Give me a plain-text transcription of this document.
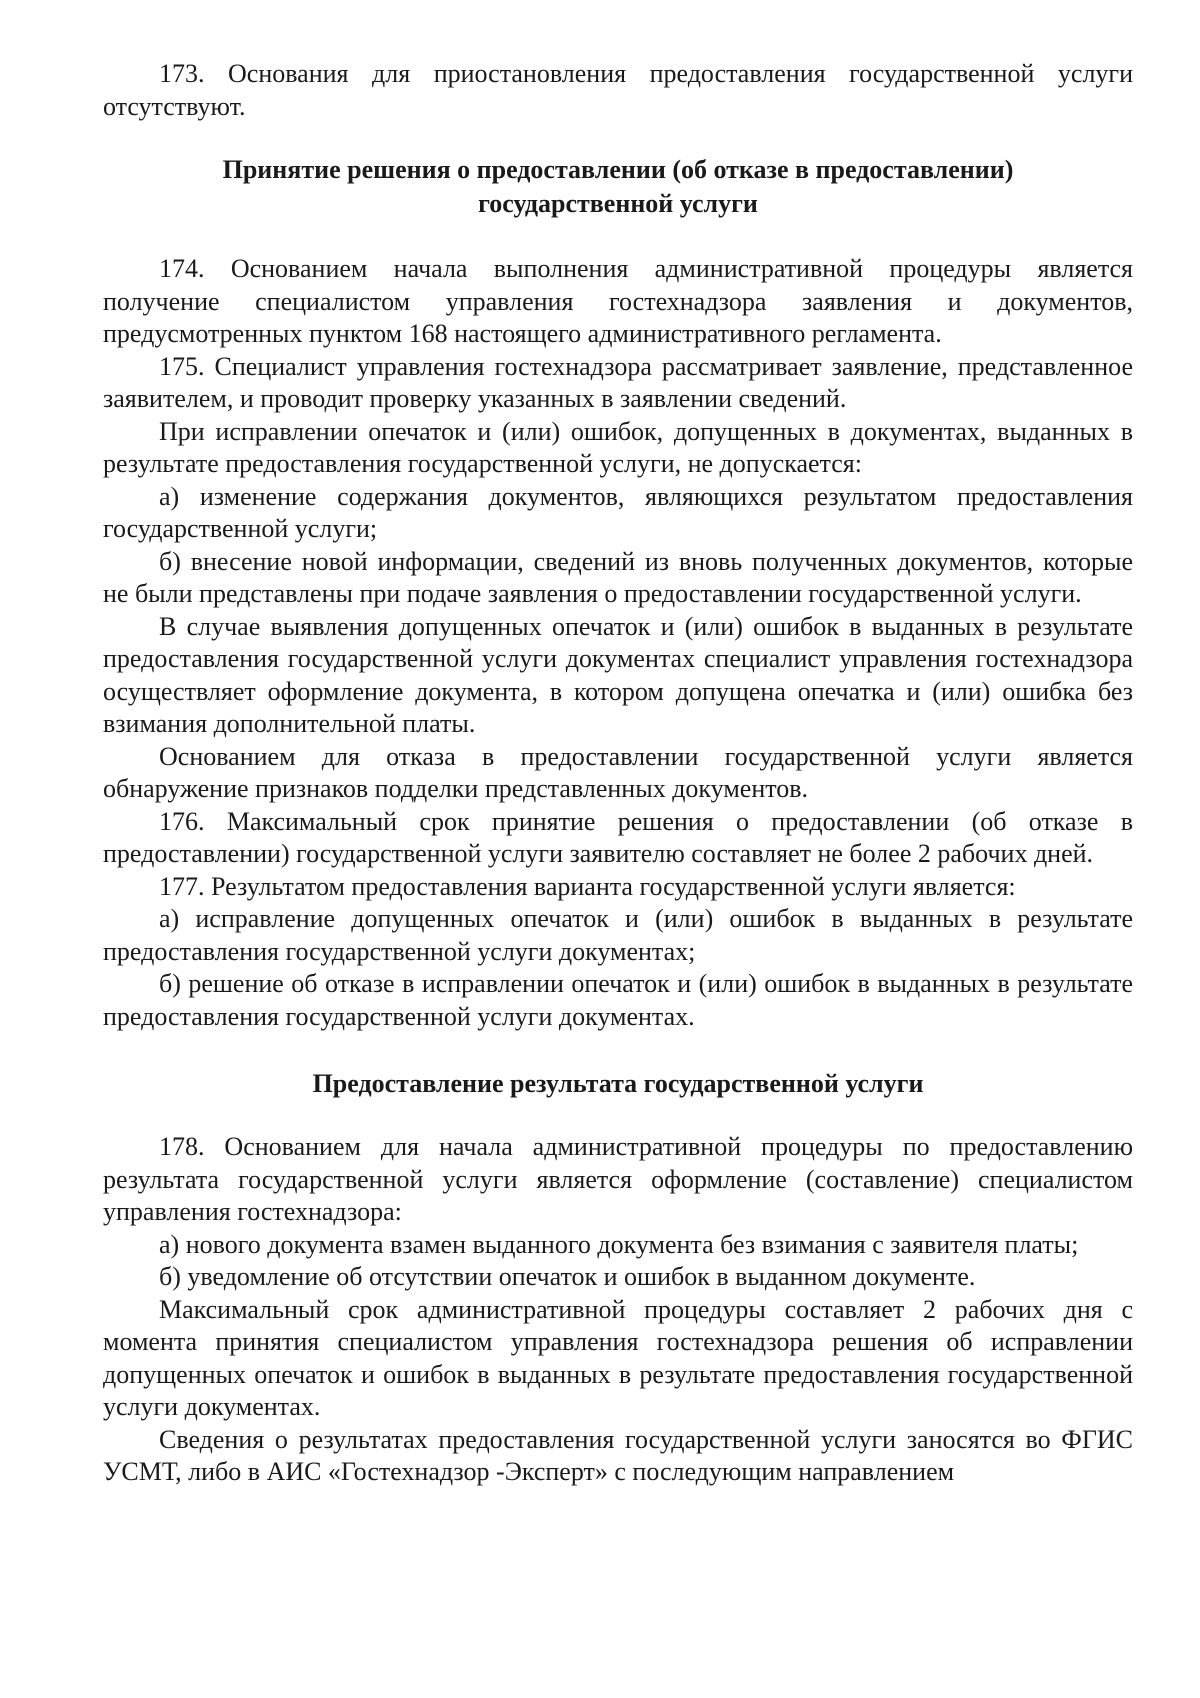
173. Основания для приостановления предоставления государственной услуги отсутствуют.

Принятие решения о предоставлении (об отказе в предоставлении)
государственной услуги

174. Основанием начала выполнения административной процедуры является получение специалистом управления гостехнадзора заявления и документов, предусмотренных пунктом 168 настоящего административного регламента.

175. Специалист управления гостехнадзора рассматривает заявление, представленное заявителем, и проводит проверку указанных в заявлении сведений.

При исправлении опечаток и (или) ошибок, допущенных в документах, выданных в результате предоставления государственной услуги, не допускается:

а) изменение содержания документов, являющихся результатом предоставления государственной услуги;

б) внесение новой информации, сведений из вновь полученных документов, которые не были представлены при подаче заявления о предоставлении государственной услуги.

В случае выявления допущенных опечаток и (или) ошибок в выданных в результате предоставления государственной услуги документах специалист управления гостехнадзора осуществляет оформление документа, в котором допущена опечатка и (или) ошибка без взимания дополнительной платы.

Основанием для отказа в предоставлении государственной услуги является обнаружение признаков подделки представленных документов.

176. Максимальный срок принятие решения о предоставлении (об отказе в предоставлении) государственной услуги заявителю составляет не более 2 рабочих дней.

177. Результатом предоставления варианта государственной услуги является:

а) исправление допущенных опечаток и (или) ошибок в выданных в результате предоставления государственной услуги документах;

б) решение об отказе в исправлении опечаток и (или) ошибок в выданных в результате предоставления государственной услуги документах.

Предоставление результата государственной услуги

178. Основанием для начала административной процедуры по предоставлению результата государственной услуги является оформление (составление) специалистом управления гостехнадзора:

а) нового документа взамен выданного документа без взимания с заявителя платы;

б) уведомление об отсутствии опечаток и ошибок в выданном документе.

Максимальный срок административной процедуры составляет 2 рабочих дня с момента принятия специалистом управления гостехнадзора решения об исправлении допущенных опечаток и ошибок в выданных в результате предоставления государственной услуги документах.

Сведения о результатах предоставления государственной услуги заносятся во ФГИС УСМТ, либо в АИС «Гостехнадзор -Эксперт» с последующим направлением
